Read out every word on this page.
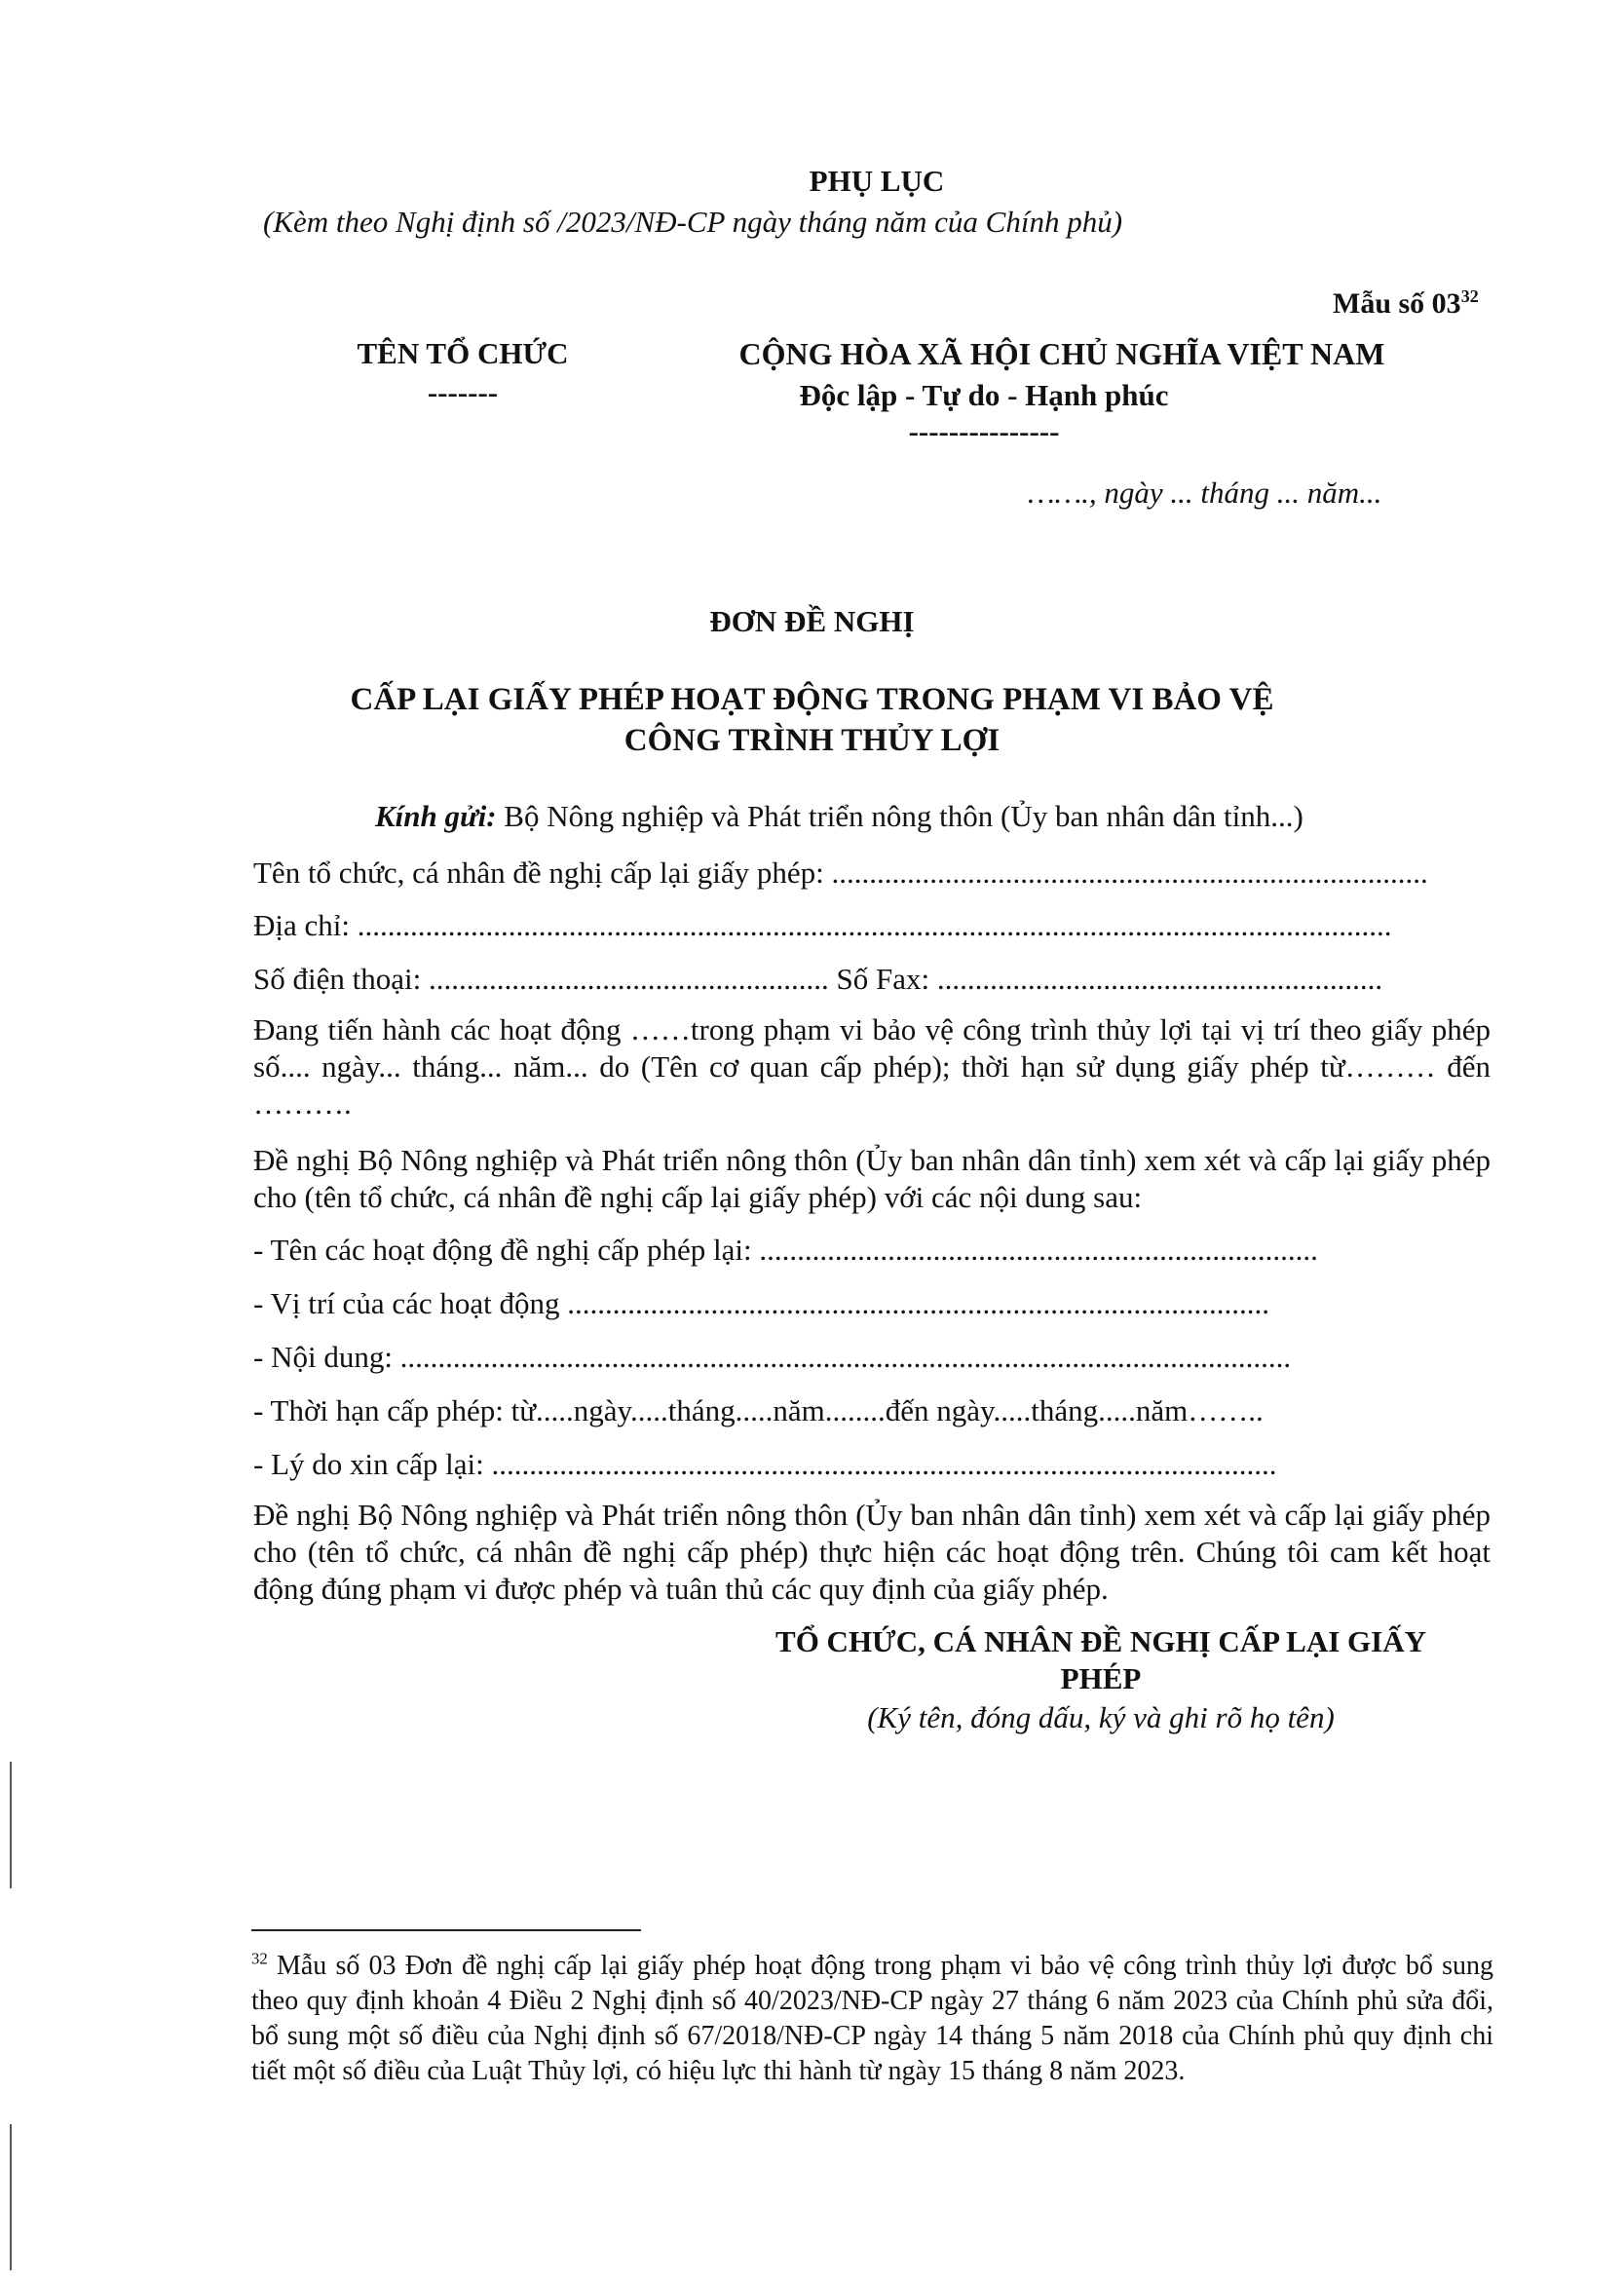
PHỤ LỤC
(Kèm theo Nghị định số /2023/NĐ-CP ngày tháng năm của Chính phủ)
Mẫu số $03^{32}$
TÊN TỔ CHỨC
-------
CỘNG HÒA XÃ HỘI CHỦ NGHĨA VIỆT NAM
Độc lập - Tự do - Hạnh phúc
---------------
……., ngày ... tháng ... năm...
ĐƠN ĐỀ NGHỊ
CẤP LẠI GIẤY PHÉP HOẠT ĐỘNG TRONG PHẠM VI BẢO VỆ
CÔNG TRÌNH THỦY LỢI
Kính gửi: Bộ Nông nghiệp và Phát triển nông thôn (Ủy ban nhân dân tỉnh...)
Tên tổ chức, cá nhân đề nghị cấp lại giấy phép: ...............................................................................
Địa chỉ: .........................................................................................................................................
Số điện thoại: ..................................................... Số Fax: ...........................................................
Đang tiến hành các hoạt động ……trong phạm vi bảo vệ công trình thủy lợi tại vị trí theo giấy phép số.... ngày... tháng... năm... do (Tên cơ quan cấp phép); thời hạn sử dụng giấy phép từ……… đến ……….
Đề nghị Bộ Nông nghiệp và Phát triển nông thôn (Ủy ban nhân dân tỉnh) xem xét và cấp lại giấy phép cho (tên tổ chức, cá nhân đề nghị cấp lại giấy phép) với các nội dung sau:
- Tên các hoạt động đề nghị cấp phép lại: ..........................................................................
- Vị trí của các hoạt động .............................................................................................
- Nội dung: ......................................................................................................................
- Thời hạn cấp phép: từ.....ngày.....tháng.....năm........đến ngày.....tháng.....năm……..
- Lý do xin cấp lại: ........................................................................................................
Đề nghị Bộ Nông nghiệp và Phát triển nông thôn (Ủy ban nhân dân tỉnh) xem xét và cấp lại giấy phép cho (tên tổ chức, cá nhân đề nghị cấp phép) thực hiện các hoạt động trên. Chúng tôi cam kết hoạt động đúng phạm vi được phép và tuân thủ các quy định của giấy phép.
TỔ CHỨC, CÁ NHÂN ĐỀ NGHỊ CẤP LẠI GIẤY
PHÉP
(Ký tên, đóng dấu, ký và ghi rõ họ tên)
$^{32}$ Mẫu số 03 Đơn đề nghị cấp lại giấy phép hoạt động trong phạm vi bảo vệ công trình thủy lợi được bổ sung theo quy định khoản 4 Điều 2 Nghị định số 40/2023/NĐ-CP ngày 27 tháng 6 năm 2023 của Chính phủ sửa đổi, bổ sung một số điều của Nghị định số 67/2018/NĐ-CP ngày 14 tháng 5 năm 2018 của Chính phủ quy định chi tiết một số điều của Luật Thủy lợi, có hiệu lực thi hành từ ngày 15 tháng 8 năm 2023.
